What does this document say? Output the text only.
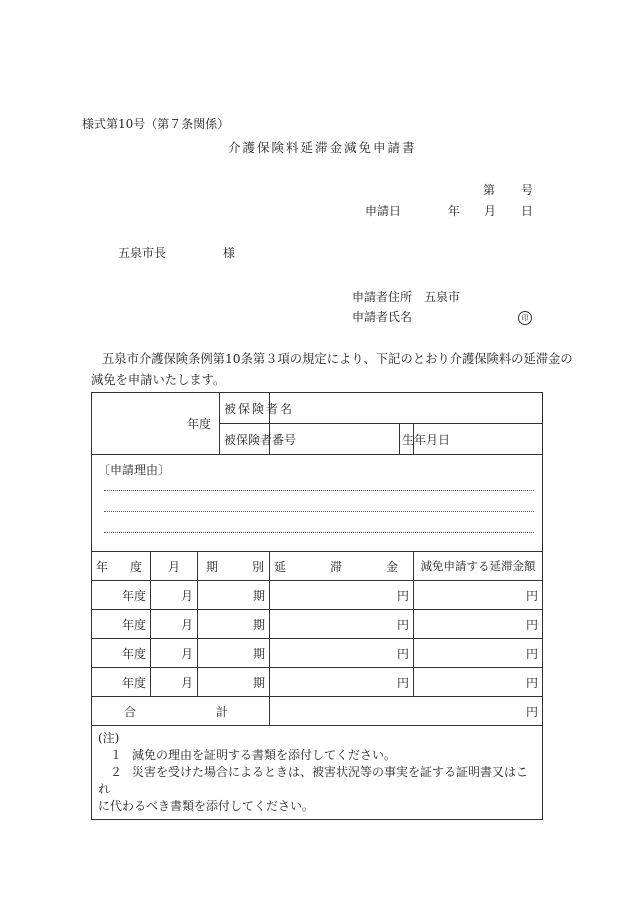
様式第10号（第７条関係）
介護保険料延滞金減免申請書
第 号
申請日	年 月 日
五泉市長	様
申請者住所 五泉市
申請者氏名	印
五泉市介護保険条例第10条第３項の規定により、下記のとおり介護保険料の延滞金の
減免を申請いたします。
年度			被保険者名			
			被保険者番号		生年月日	

〔申請理由〕						

年 度	月	期 別		延 滞 金		減免申請する延滞金額
年度	月	期		円		円
年度	月	期		円		円
年度	月	期		円		円
年度	月	期		円		円
合 計				円		

(注)
１ 減免の理由を証明する書類を添付してください。
２ 災害を受けた場合によるときは、被害状況等の事実を証する証明書又はこれ
に代わるべき書類を添付してください。						
